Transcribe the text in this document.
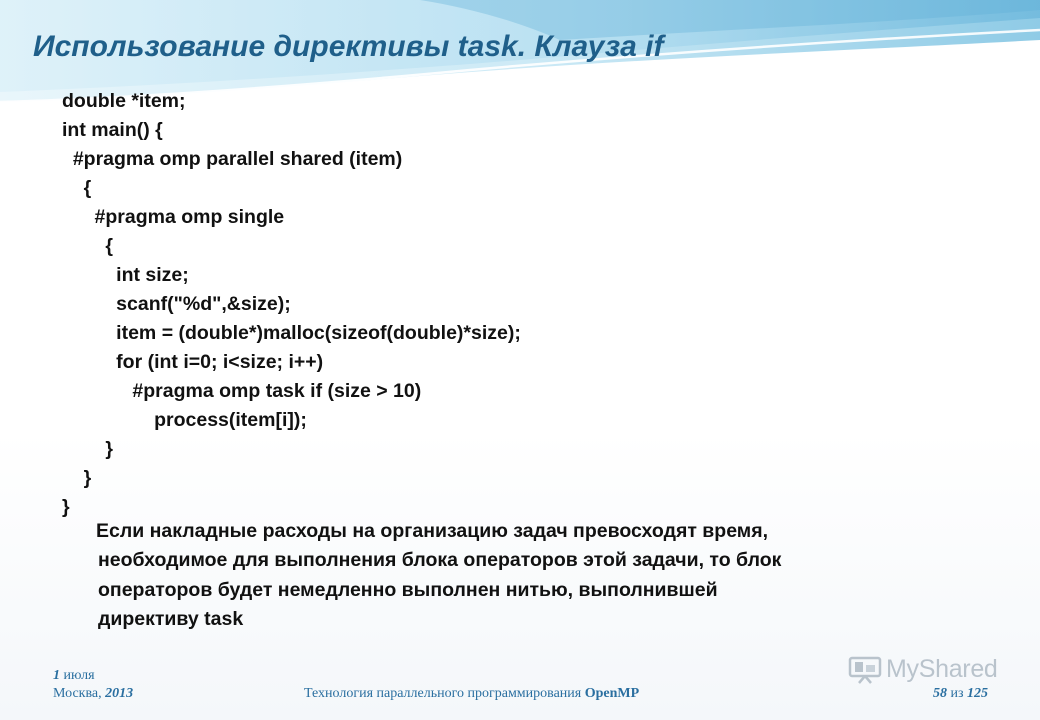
Использование директивы task. Клауза if
double *item;
int main() {
#pragma omp parallel shared (item)
{
#pragma omp single
{
int size;
scanf("%d",&size);
item = (double*)malloc(sizeof(double)*size);
for (int i=0; i<size; i++)
#pragma omp task if (size > 10)
process(item[i]);
}
}
}
Если накладные расходы на организацию задач превосходят время,
необходимое для выполнения блока операторов этой задачи, то блок
операторов будет немедленно выполнен нитью, выполнившей
директиву task
1 июля
Москва, 2013	Технология параллельного программирования OpenMP	58 из 125
MyShared
